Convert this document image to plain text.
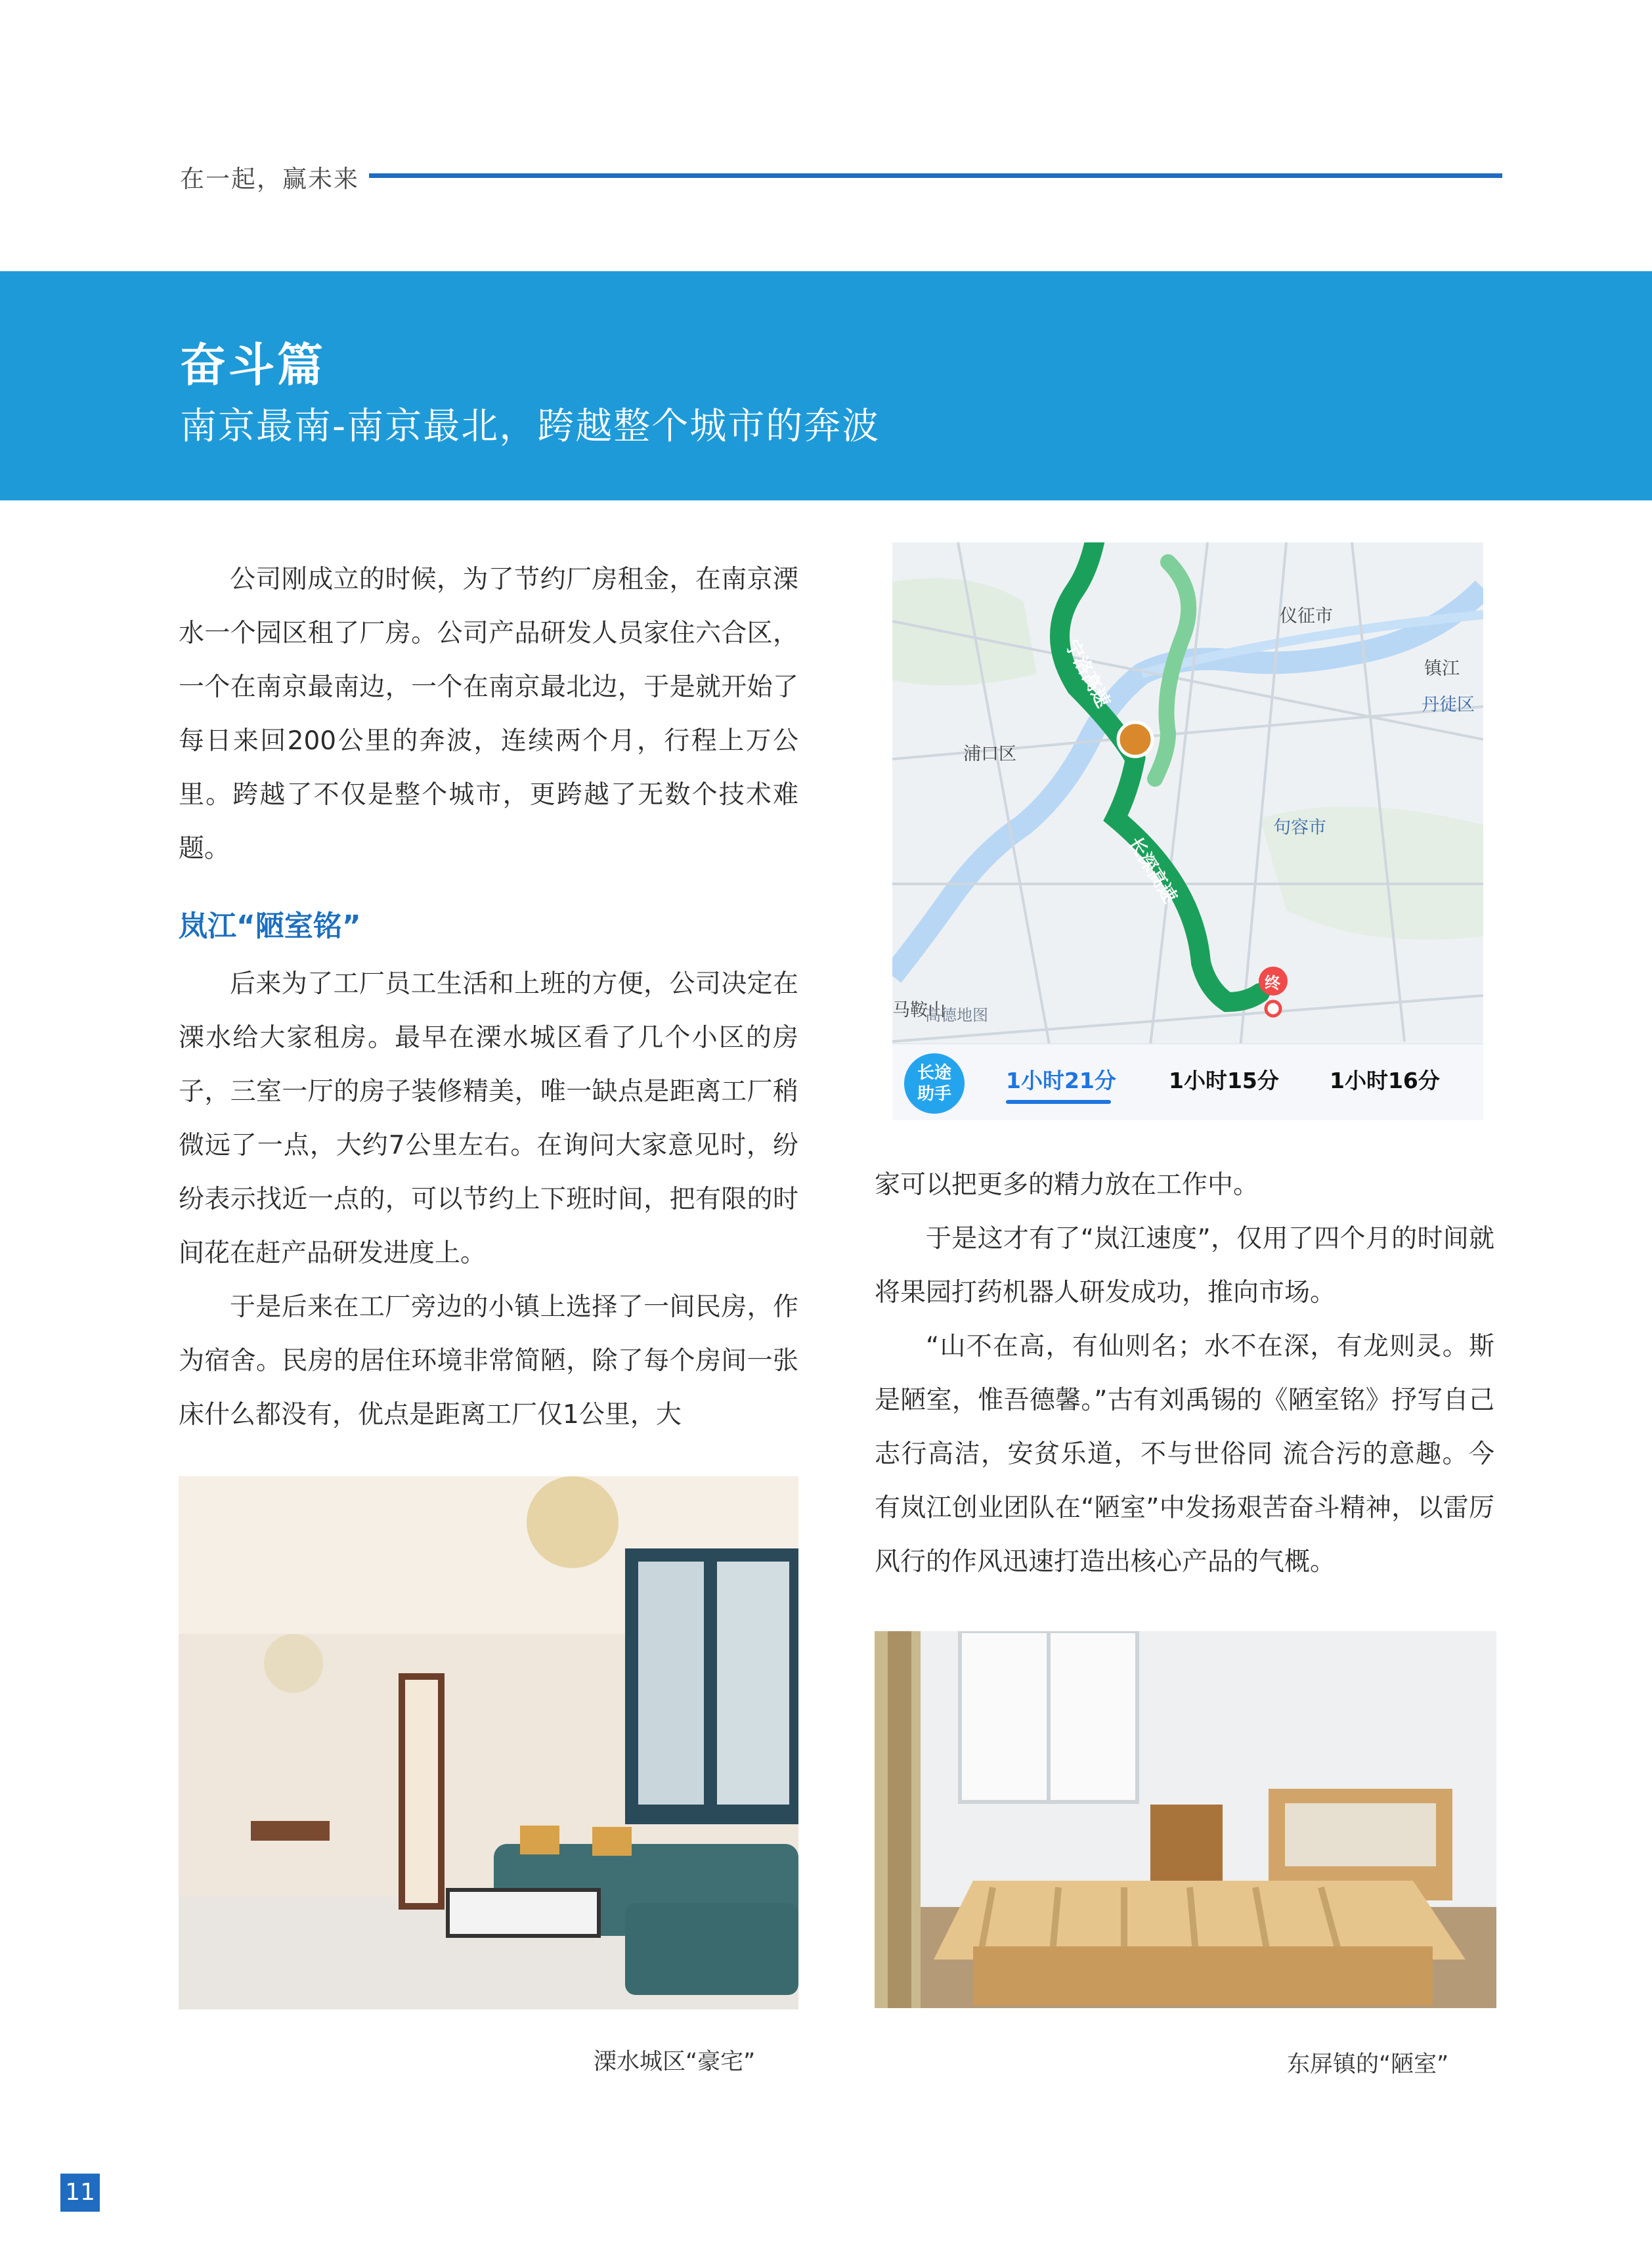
在一起，赢未来
奋斗篇
南京最南-南京最北，跨越整个城市的奔波

公司刚成立的时候，为了节约厂房租金，在南京溧水一个园区租了厂房。公司产品研发人员家住六合区，一个在南京最南边，一个在南京最北边，于是就开始了每日来回200公里的奔波，连续两个月，行程上万公里。跨越了不仅是整个城市，更跨越了无数个技术难题。

岚江“陋室铭”

后来为了工厂员工生活和上班的方便，公司决定在溧水给大家租房。最早在溧水城区看了几个小区的房子，三室一厅的房子装修精美，唯一缺点是距离工厂稍微远了一点，大约7公里左右。在询问大家意见时，纷纷表示找近一点的，可以节约上下班时间，把有限的时间花在赶产品研发进度上。

于是后来在工厂旁边的小镇上选择了一间民房，作为宿舍。民房的居住环境非常简陋，除了每个房间一张床什么都没有，优点是距离工厂仅1公里，大

仪征市
镇江
丹徒区
浦口区
句容市
马鞍山
长深高速
宁洛高速
终
高德地图
长途
助手
1小时21分 1小时15分 1小时16分

家可以把更多的精力放在工作中。

于是这才有了“岚江速度”，仅用了四个月的时间就将果园打药机器人研发成功，推向市场。

“山不在高，有仙则名；水不在深，有龙则灵。斯是陋室，惟吾德馨。”古有刘禹锡的《陋室铭》抒写自己志行高洁，安贫乐道，不与世俗同 流合污的意趣。今有岚江创业团队在“陋室”中发扬艰苦奋斗精神，以雷厉风行的作风迅速打造出核心产品的气概。

溧水城区“豪宅”	东屏镇的“陋室”
11
